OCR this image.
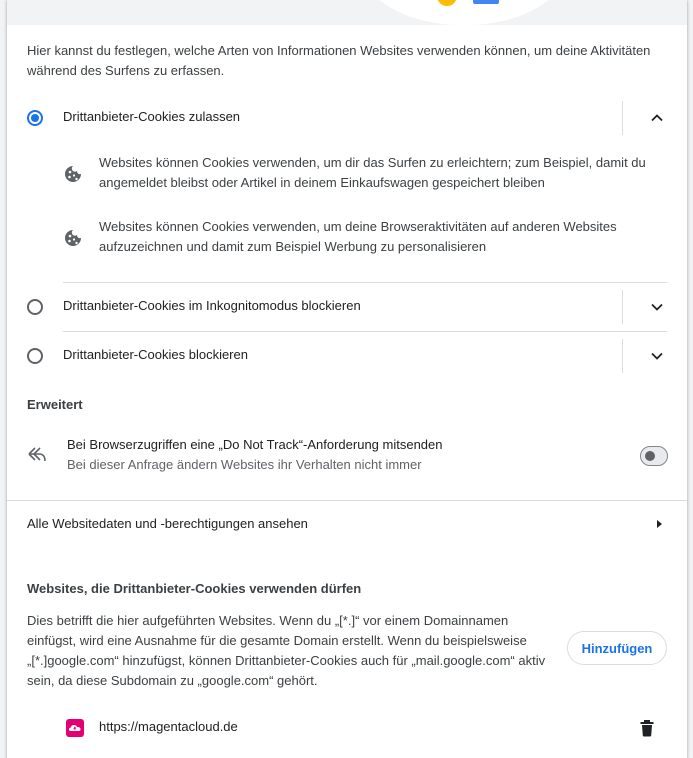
Hier kannst du festlegen, welche Arten von Informationen Websites verwenden können, um deine Aktivitäten während des Surfens zu erfassen.
Drittanbieter-Cookies zulassen
Websites können Cookies verwenden, um dir das Surfen zu erleichtern; zum Beispiel, damit du angemeldet bleibst oder Artikel in deinem Einkaufswagen gespeichert bleiben
Websites können Cookies verwenden, um deine Browseraktivitäten auf anderen Websites aufzuzeichnen und damit zum Beispiel Werbung zu personalisieren
Drittanbieter-Cookies im Inkognitomodus blockieren
Drittanbieter-Cookies blockieren
Erweitert
Bei Browserzugriffen eine „Do Not Track“-Anforderung mitsenden
Bei dieser Anfrage ändern Websites ihr Verhalten nicht immer
Alle Websitedaten und -berechtigungen ansehen
Websites, die Drittanbieter-Cookies verwenden dürfen
Dies betrifft die hier aufgeführten Websites. Wenn du „[*.]“ vor einem Domainnamen einfügst, wird eine Ausnahme für die gesamte Domain erstellt. Wenn du beispielsweise „[*.]google.com“ hinzufügst, können Drittanbieter-Cookies auch für „mail.google.com“ aktiv sein, da diese Subdomain zu „google.com“ gehört.
Hinzufügen
https://magentacloud.de
